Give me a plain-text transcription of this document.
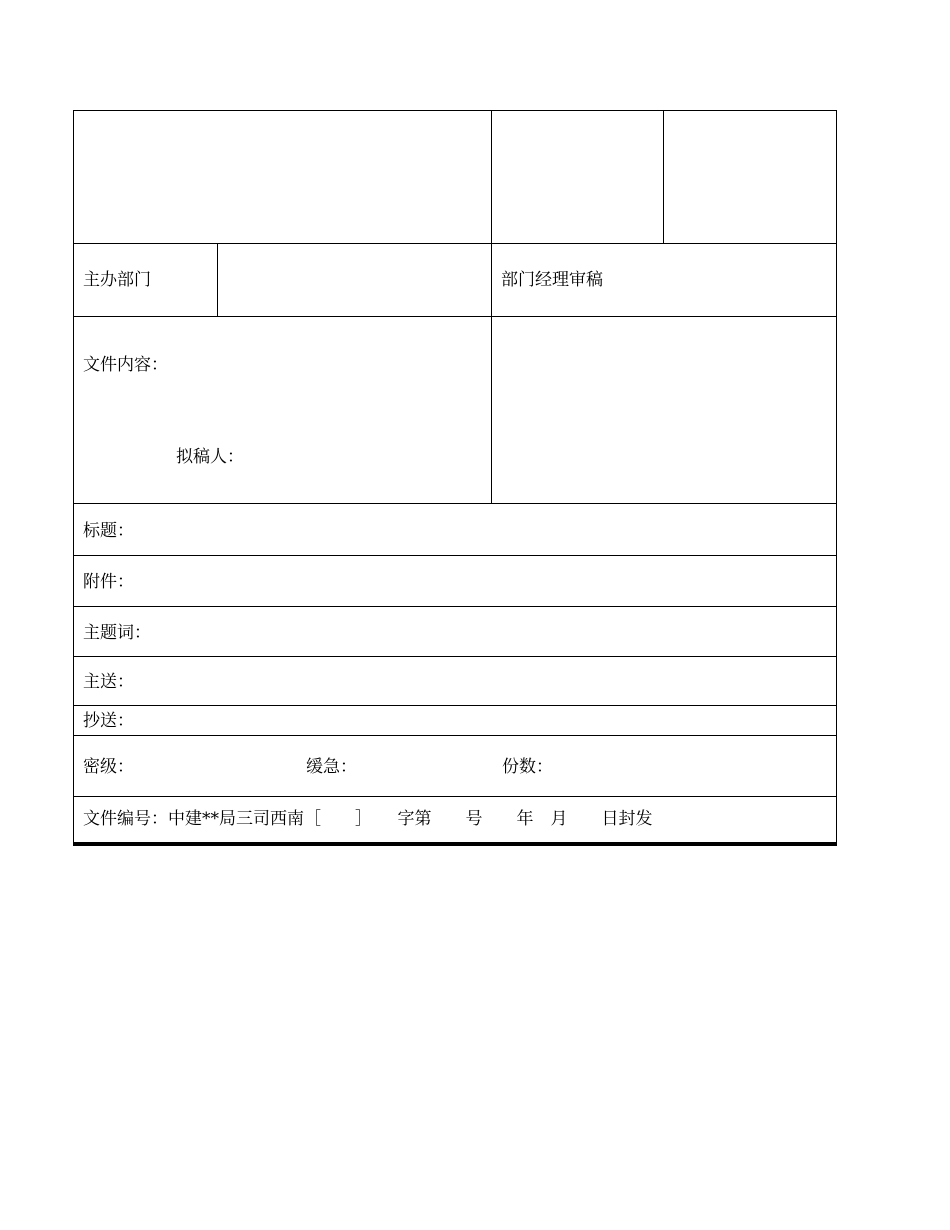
主办部门	部门经理审稿
文件内容：
拟稿人：
标题：
附件：
主题词：
主送：
抄送：
密级：	缓急：	份数：
文件编号：中建**局三司西南［　　］　　字第　　号　　年　月　　日封发
